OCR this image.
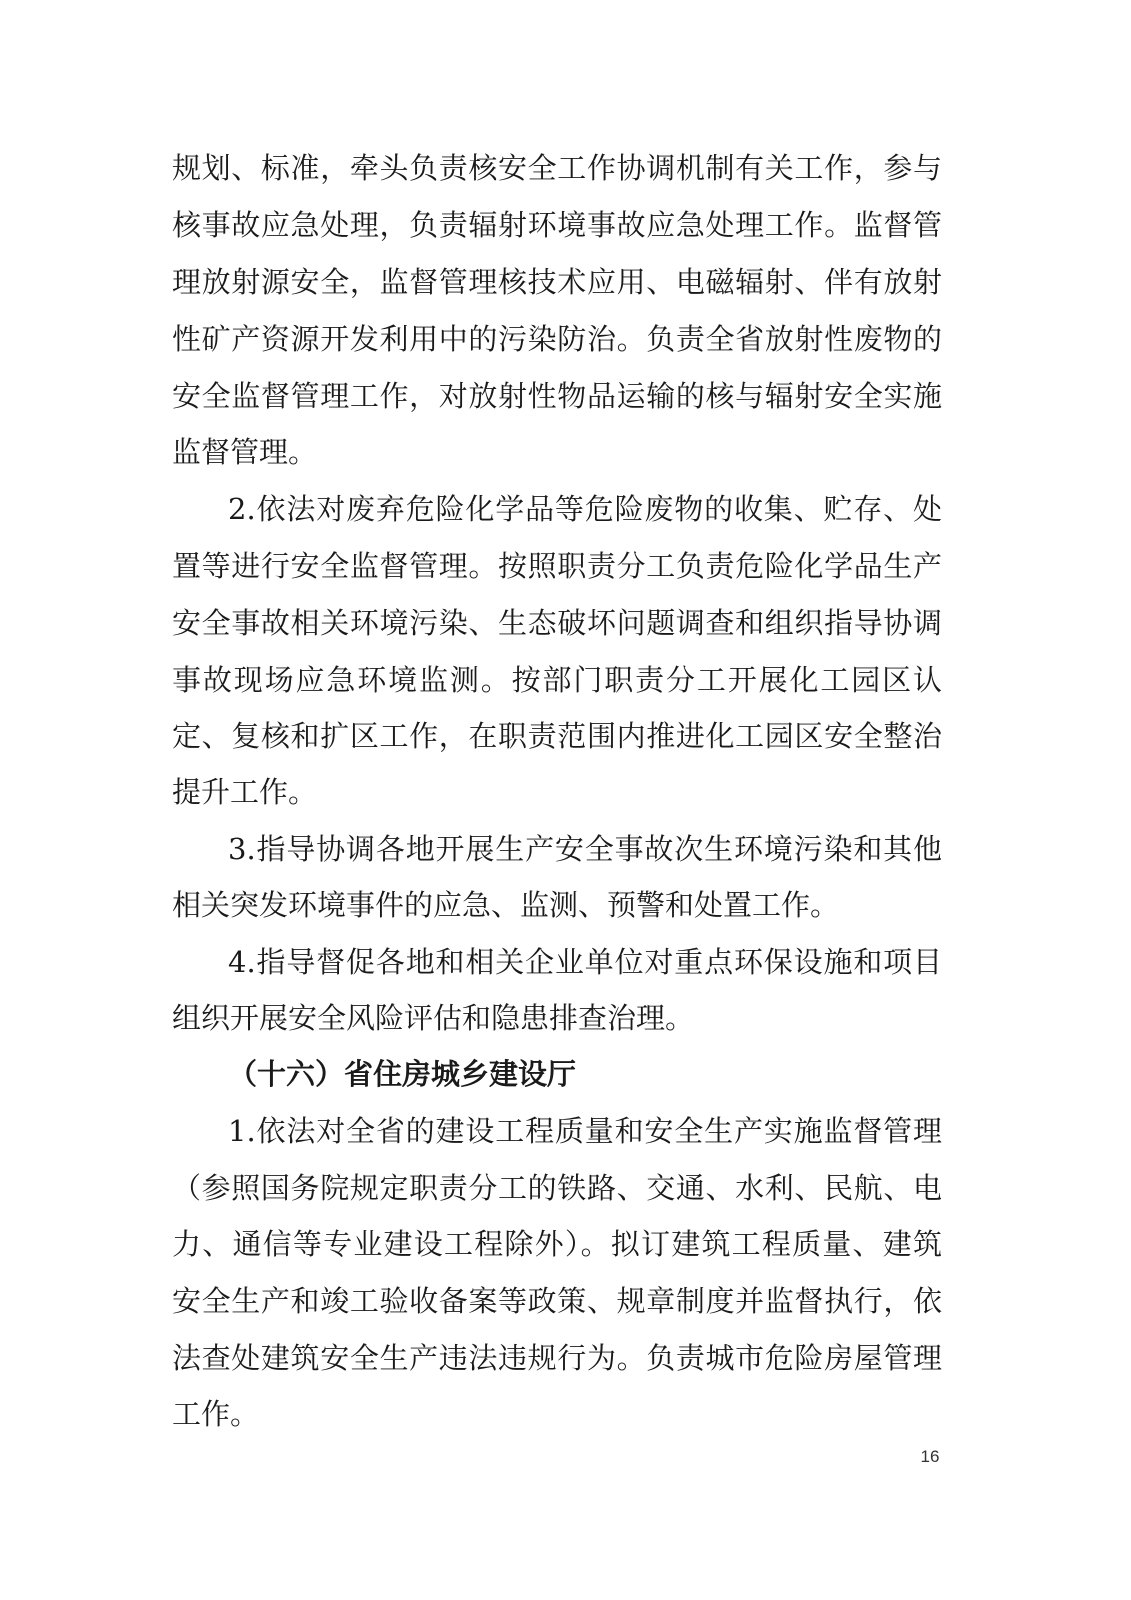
规划、标准，牵头负责核安全工作协调机制有关工作，参与
核事故应急处理，负责辐射环境事故应急处理工作。监督管
理放射源安全，监督管理核技术应用、电磁辐射、伴有放射
性矿产资源开发利用中的污染防治。负责全省放射性废物的
安全监督管理工作，对放射性物品运输的核与辐射安全实施
监督管理。
2.依法对废弃危险化学品等危险废物的收集、贮存、处
置等进行安全监督管理。按照职责分工负责危险化学品生产
安全事故相关环境污染、生态破坏问题调查和组织指导协调
事故现场应急环境监测。按部门职责分工开展化工园区认
定、复核和扩区工作，在职责范围内推进化工园区安全整治
提升工作。
3.指导协调各地开展生产安全事故次生环境污染和其他
相关突发环境事件的应急、监测、预警和处置工作。
4.指导督促各地和相关企业单位对重点环保设施和项目
组织开展安全风险评估和隐患排查治理。
（十六）省住房城乡建设厅
1.依法对全省的建设工程质量和安全生产实施监督管理
（参照国务院规定职责分工的铁路、交通、水利、民航、电
力、通信等专业建设工程除外）。拟订建筑工程质量、建筑
安全生产和竣工验收备案等政策、规章制度并监督执行，依
法查处建筑安全生产违法违规行为。负责城市危险房屋管理
工作。
16
